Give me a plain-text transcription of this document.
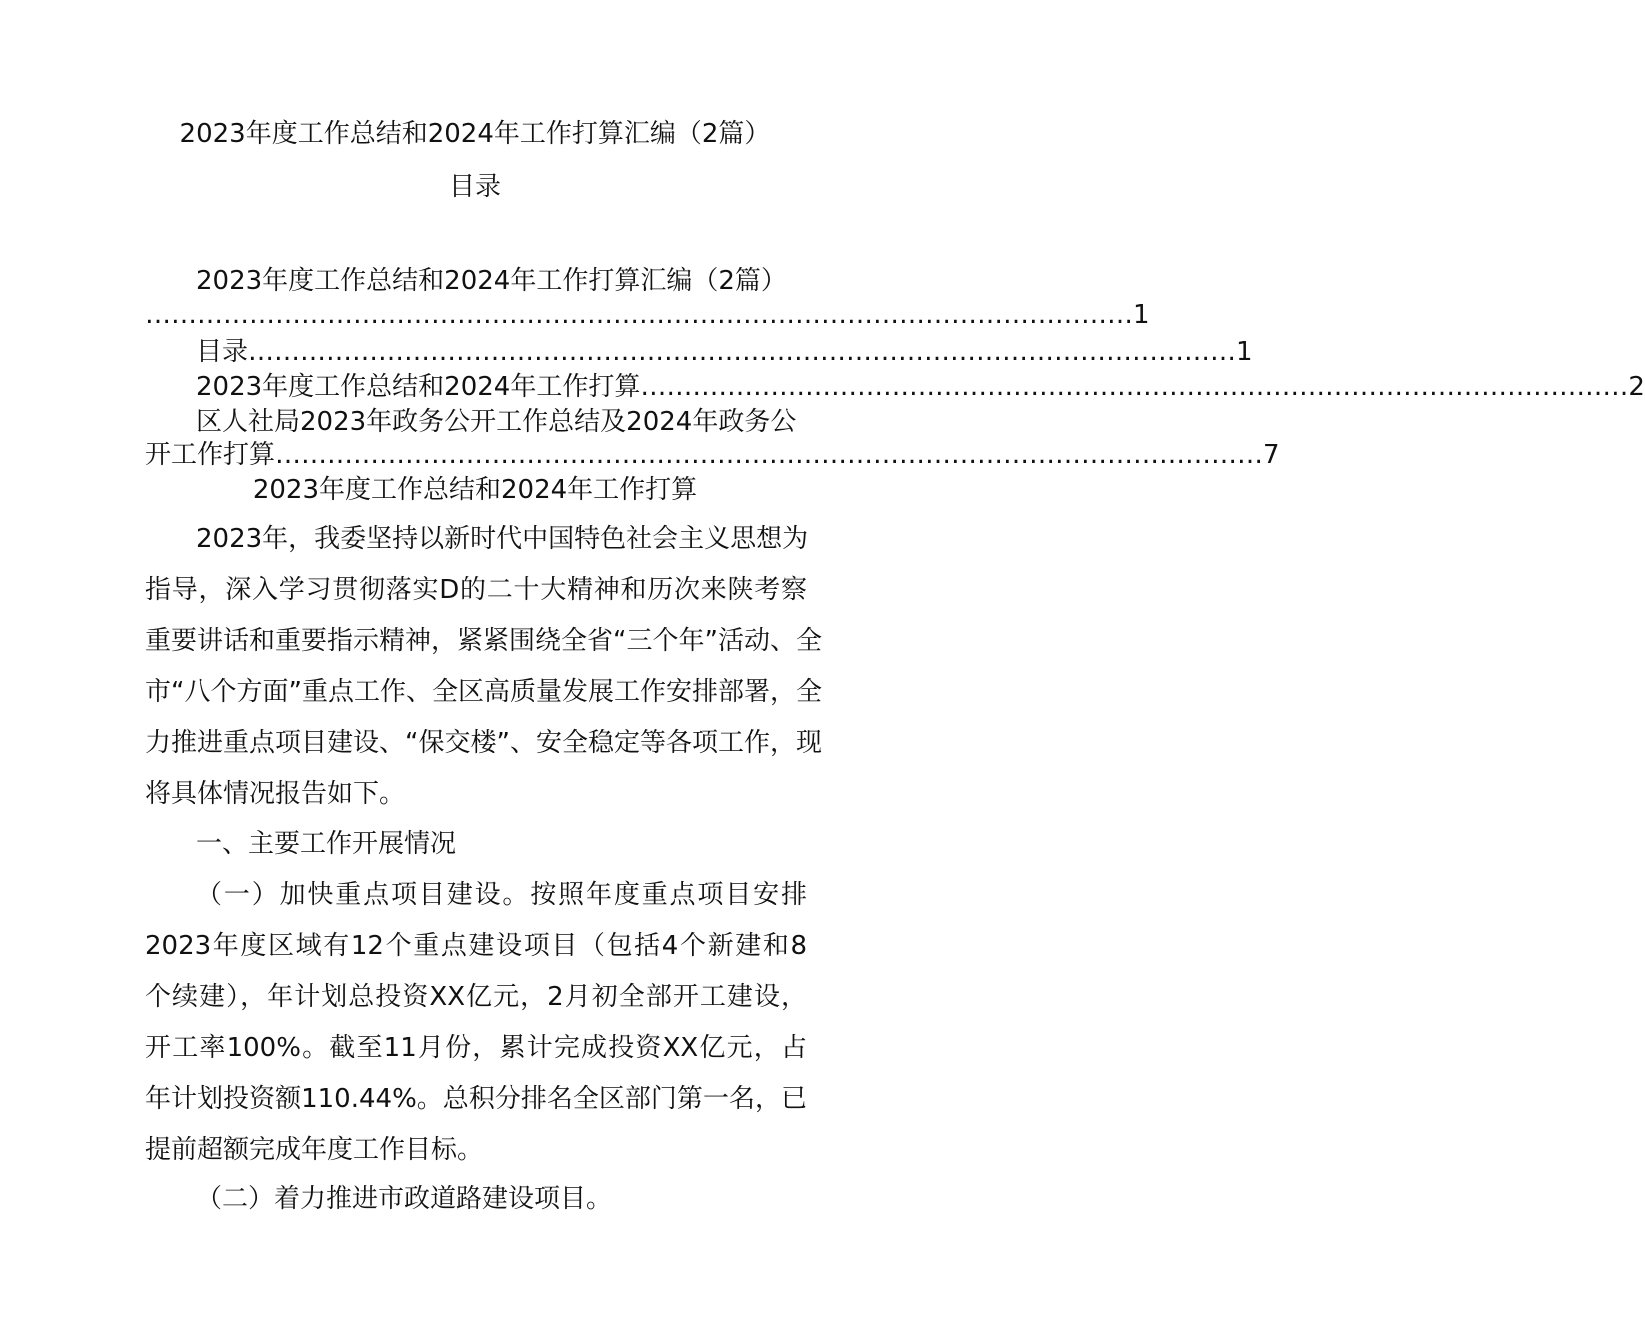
2023年度工作总结和2024年工作打算汇编（2篇）
目录
2023年度工作总结和2024年工作打算汇编（2篇）
…………………………………………………………………………………………………… 1
目录 …………………………………………………………………………………………………… 1
2023年度工作总结和2024年工作打算 …………………………………………………………………………………………………… 2
区人社局2023年政务公开工作总结及2024年政务公
开工作打算 …………………………………………………………………………………………………… 7
2023年度工作总结和2024年工作打算
2023年，我委坚持以新时代中国特色社会主义思想为
指导，深入学习贯彻落实D的二十大精神和历次来陕考察
重要讲话和重要指示精神，紧紧围绕全省“三个年”活动、全
市“八个方面”重点工作、全区高质量发展工作安排部署，全
力推进重点项目建设、“保交楼”、安全稳定等各项工作，现
将具体情况报告如下。
一、主要工作开展情况
（一）加快重点项目建设。按照年度重点项目安排
2023年度区域有12个重点建设项目（包括4个新建和8
个续建），年计划总投资XX亿元，2月初全部开工建设，
开工率100%。截至11月份，累计完成投资XX亿元，占
年计划投资额110.44%。总积分排名全区部门第一名，已
提前超额完成年度工作目标。
（二）着力推进市政道路建设项目。
